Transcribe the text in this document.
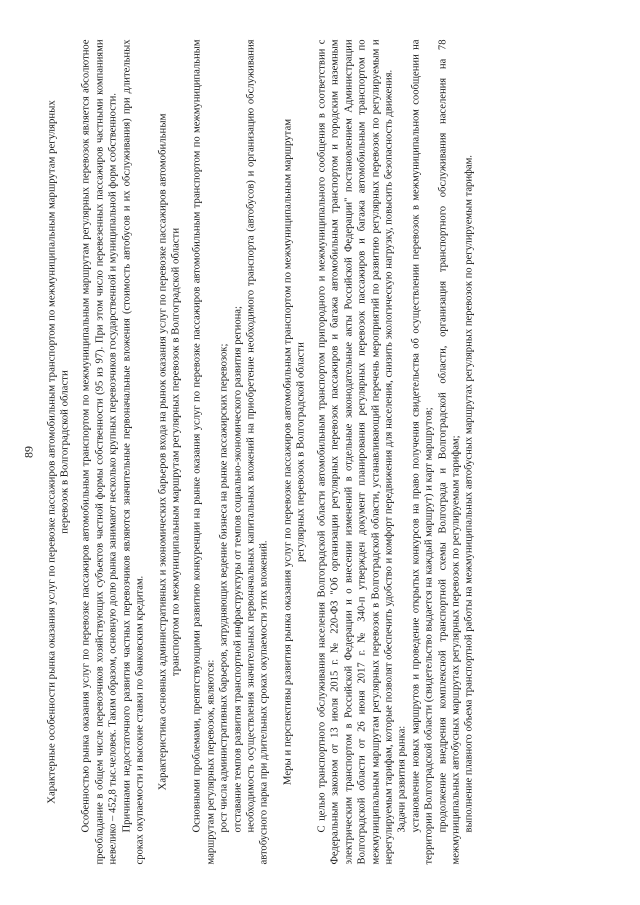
89 Характерные особенности рынка оказания услуг по перевозке пассажиров автомобильным транспортом по межмуниципальным маршрутам регулярных перевозок в Волгоградской области Особенностью рынка оказания услуг по перевозке пассажиров автомобильным транспортом по межмуниципальным маршрутам регулярных перевозок является абсолютное преобладание в общем числе перевозчиков хозяйствующих субъектов частной формы собственности (95 из 97). При этом число перевезенных пассажиров частными компаниями невелико – 452,8 тыс.человек. Таким образом, основную долю рынка занимают несколько крупных перевозчиков государственной и муниципальной форм собственности. Причинами недостаточного развития частных перевозчиков являются значительные первоначальные вложения (стоимость автобусов и их обслуживания) при длительных сроках окупаемости и высокие ставки по банковским кредитам. Характеристика основных административных и экономических барьеров входа на рынок оказания услуг по перевозке пассажиров автомобильным транспортом по межмуниципальным маршрутам регулярных перевозок в Волгоградской области Основными проблемами, препятствующими развитию конкуренции на рынке оказания услуг по перевозке пассажиров автомобильным транспортом по межмуниципальным маршрутам регулярных перевозок, являются: рост числа административных барьеров, затрудняющих ведение бизнеса на рынке пассажирских перевозок; отставание темпов развития транспортной инфраструктуры от темпов социально-экономического развития региона; необходимость осуществления значительных первоначальных капитальных вложений на приобретение необходимого транспорта (автобусов) и организацию обслуживания автобусного парка при длительных сроках окупаемости этих вложений. Меры и перспективы развития рынка оказания услуг по перевозке пассажиров автомобильным транспортом по межмуниципальным маршрутам регулярных перевозок в Волгоградской области С целью транспортного обслуживания населения Волгоградской области автомобильным транспортом пригородного и межмуниципального сообщения в соответствии с Федеральным законом от 13 июля 2015 г. № 220-ФЗ "Об организации регулярных перевозок пассажиров и багажа автомобильным транспортом и городским наземным электрическим транспортом в Российской Федерации и о внесении изменений в отдельные законодательные акты Российской Федерации" постановлением Администрации Волгоградской области от 26 июня 2017 г. № 340-п утвержден документ планирования регулярных перевозок пассажиров и багажа автомобильным транспортом по межмуниципальным маршрутам регулярных перевозок в Волгоградской области, устанавливающий перечень мероприятий по развитию регулярных перевозок по регулируемым и нерегулируемым тарифам, которые позволят обеспечить удобство и комфорт передвижения для населения, снизить экологическую нагрузку, повысить безопасность движения. Задачи развития рынка: установление новых маршрутов и проведение открытых конкурсов на право получения свидетельства об осуществлении перевозок в межмуниципальном сообщении на территории Волгоградской области (свидетельство выдается на каждый маршрут) и карт маршрутов; продолжение внедрения комплексной транспортной схемы Волгограда и Волгоградской области, организация транспортного обслуживания населения на 78 межмуниципальных автобусных маршрутах регулярных перевозок по регулируемым тарифам; выполнение плавного объема транспортной работы на межмуниципальных автобусных маршрутах регулярных перевозок по регулируемым тарифам.
